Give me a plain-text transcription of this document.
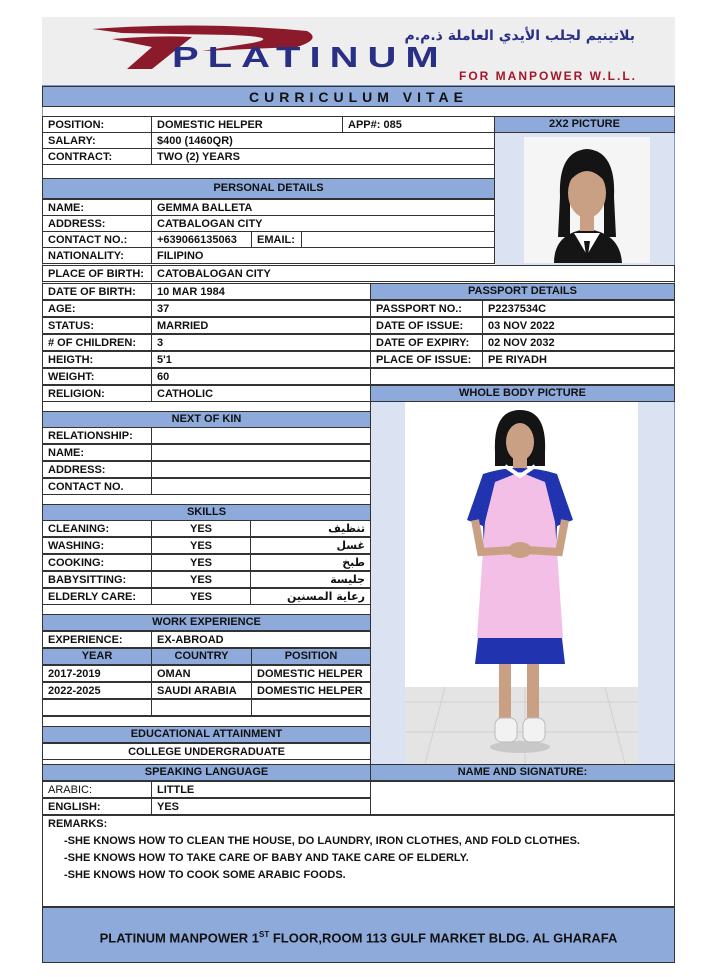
بلاتينيم لجلب الأيدي العاملة ذ.م.م
PLATINUM
FOR MANPOWER W.L.L.
CURRICULUM VITAE
POSITION:	DOMESTIC HELPER	APP#: 085
SALARY:	$400 (1460QR)
CONTRACT:	TWO (2) YEARS
2X2 PICTURE
PERSONAL DETAILS
NAME:	GEMMA BALLETA
ADDRESS:	CATBALOGAN CITY
CONTACT NO.:	+639066135063	EMAIL:
NATIONALITY:	FILIPINO
PLACE OF BIRTH:	CATOBALOGAN CITY
DATE OF BIRTH:	10 MAR 1984
AGE:	37
STATUS:	MARRIED
# OF CHILDREN:	3
HEIGTH:	5'1
WEIGHT:	60
RELIGION:	CATHOLIC
PASSPORT DETAILS
PASSPORT NO.:	P2237534C
DATE OF ISSUE:	03 NOV 2022
DATE OF EXPIRY:	02 NOV 2032
PLACE OF ISSUE:	PE RIYADH
WHOLE BODY PICTURE
NEXT OF KIN
RELATIONSHIP:
NAME:
ADDRESS:
CONTACT NO.
SKILLS
CLEANING:	YES	تنظيف
WASHING:	YES	غسل
COOKING:	YES	طبخ
BABYSITTING:	YES	جليسة
ELDERLY CARE:	YES	رعاية المسنين
WORK EXPERIENCE
EXPERIENCE:	EX-ABROAD
YEAR	COUNTRY	POSITION
2017-2019	OMAN	DOMESTIC HELPER
2022-2025	SAUDI ARABIA	DOMESTIC HELPER
EDUCATIONAL ATTAINMENT
COLLEGE UNDERGRADUATE
SPEAKING LANGUAGE	NAME AND SIGNATURE:
ARABIC:	LITTLE
ENGLISH:	YES
REMARKS:
-SHE KNOWS HOW TO CLEAN THE HOUSE, DO LAUNDRY, IRON CLOTHES, AND FOLD CLOTHES.
-SHE KNOWS HOW TO TAKE CARE OF BABY AND TAKE CARE OF ELDERLY.
-SHE KNOWS HOW TO COOK SOME ARABIC FOODS.
PLATINUM MANPOWER 1ST FLOOR,ROOM 113 GULF MARKET BLDG. AL GHARAFA
